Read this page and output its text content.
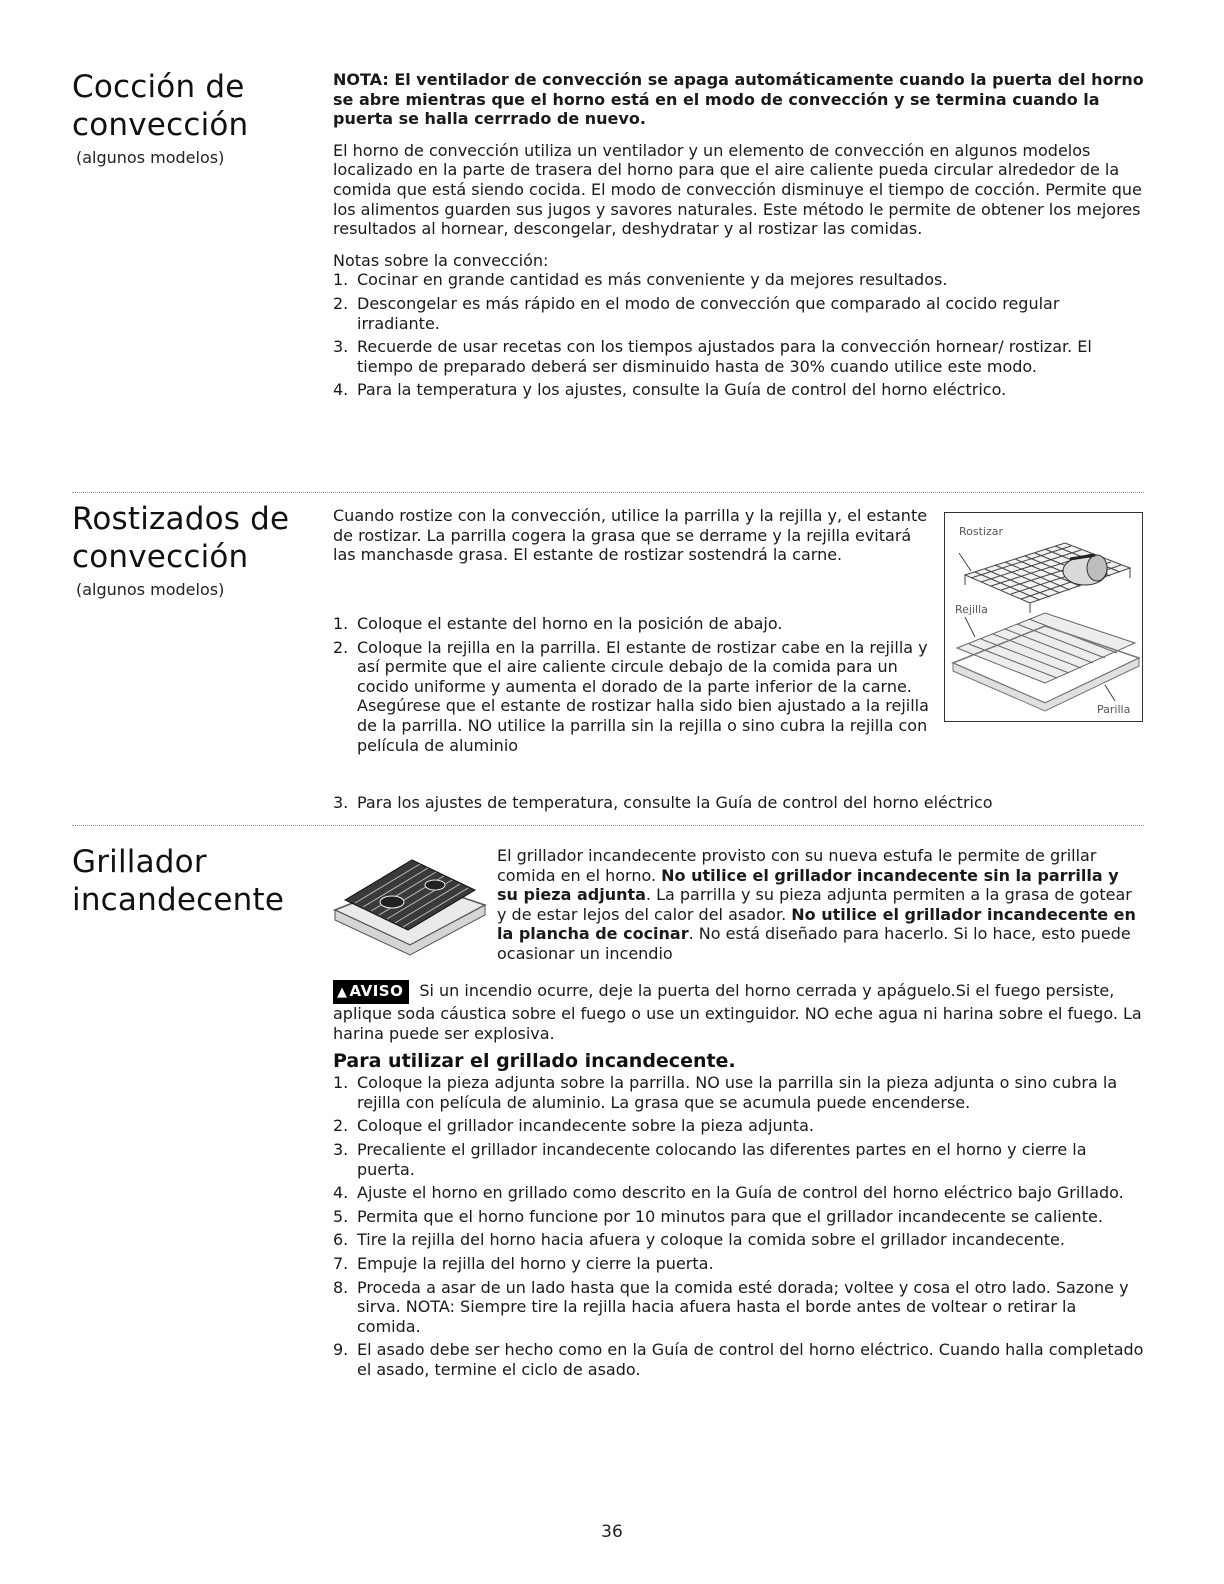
Cocción de
convección
(algunos modelos)

NOTA: El ventilador de convección se apaga automáticamente cuando la puerta del horno se abre mientras que el horno está en el modo de convección y se termina cuando la puerta se halla cerrrado de nuevo.

El horno de convección utiliza un ventilador y un elemento de convección en algunos modelos localizado en la parte de trasera del horno para que el aire caliente pueda circular alrededor de la comida que está siendo cocida. El modo de convección disminuye el tiempo de cocción. Permite que los alimentos guarden sus jugos y savores naturales. Este método le permite de obtener los mejores resultados al hornear, descongelar, deshydratar y al rostizar las comidas.

Notas sobre la convección:
1. Cocinar en grande cantidad es más conveniente y da mejores resultados.
2. Descongelar es más rápido en el modo de convección que comparado al cocido regular irradiante.
3. Recuerde de usar recetas con los tiempos ajustados para la convección hornear/ rostizar. El tiempo de preparado deberá ser disminuido hasta de 30% cuando utilice este modo.
4. Para la temperatura y los ajustes, consulte la Guía de control del horno eléctrico.
Rostizados de
convección
(algunos modelos)

Cuando rostize con la convección, utilice la parrilla y la rejilla y, el estante de rostizar. La parrilla cogera la grasa que se derrame y la rejilla evitará las manchasde grasa. El estante de rostizar sostendrá la carne.

1. Coloque el estante del horno en la posición de abajo.
2. Coloque la rejilla en la parrilla. El estante de rostizar cabe en la rejilla y así permite que el aire caliente circule debajo de la comida para un cocido uniforme y aumenta el dorado de la parte inferior de la carne. Asegúrese que el estante de rostizar halla sido bien ajustado a la rejilla de la parrilla. NO utilice la parrilla sin la rejilla o sino cubra la rejilla con película de aluminio
3. Para los ajustes de temperatura, consulte la Guía de control del horno eléctrico
Rostizar
Rejilla
Parilla
Grillador
incandecente

El grillador incandecente provisto con su nueva estufa le permite de grillar comida en el horno. No utilice el grillador incandecente sin la parrilla y su pieza adjunta. La parrilla y su pieza adjunta permiten a la grasa de gotear y de estar lejos del calor del asador. No utilice el grillador incandecente en la plancha de cocinar. No está diseñado para hacerlo. Si lo hace, esto puede ocasionar un incendio

▲ AVISO Si un incendio ocurre, deje la puerta del horno cerrada y apáguelo.Si el fuego persiste, aplique soda cáustica sobre el fuego o use un extinguidor. NO eche agua ni harina sobre el fuego. La harina puede ser explosiva.

Para utilizar el grillado incandecente.
1. Coloque la pieza adjunta sobre la parrilla. NO use la parrilla sin la pieza adjunta o sino cubra la rejilla con película de aluminio. La grasa que se acumula puede encenderse.
2. Coloque el grillador incandecente sobre la pieza adjunta.
3. Precaliente el grillador incandecente colocando las diferentes partes en el horno y cierre la puerta.
4. Ajuste el horno en grillado como descrito en la Guía de control del horno eléctrico bajo Grillado.
5. Permita que el horno funcione por 10 minutos para que el grillador incandecente se caliente.
6. Tire la rejilla del horno hacia afuera y coloque la comida sobre el grillador incandecente.
7. Empuje la rejilla del horno y cierre la puerta.
8. Proceda a asar de un lado hasta que la comida esté dorada; voltee y cosa el otro lado. Sazone y sirva. NOTA: Siempre tire la rejilla hacia afuera hasta el borde antes de voltear o retirar la comida.
9. El asado debe ser hecho como en la Guía de control del horno eléctrico. Cuando halla completado el asado, termine el ciclo de asado.
36
